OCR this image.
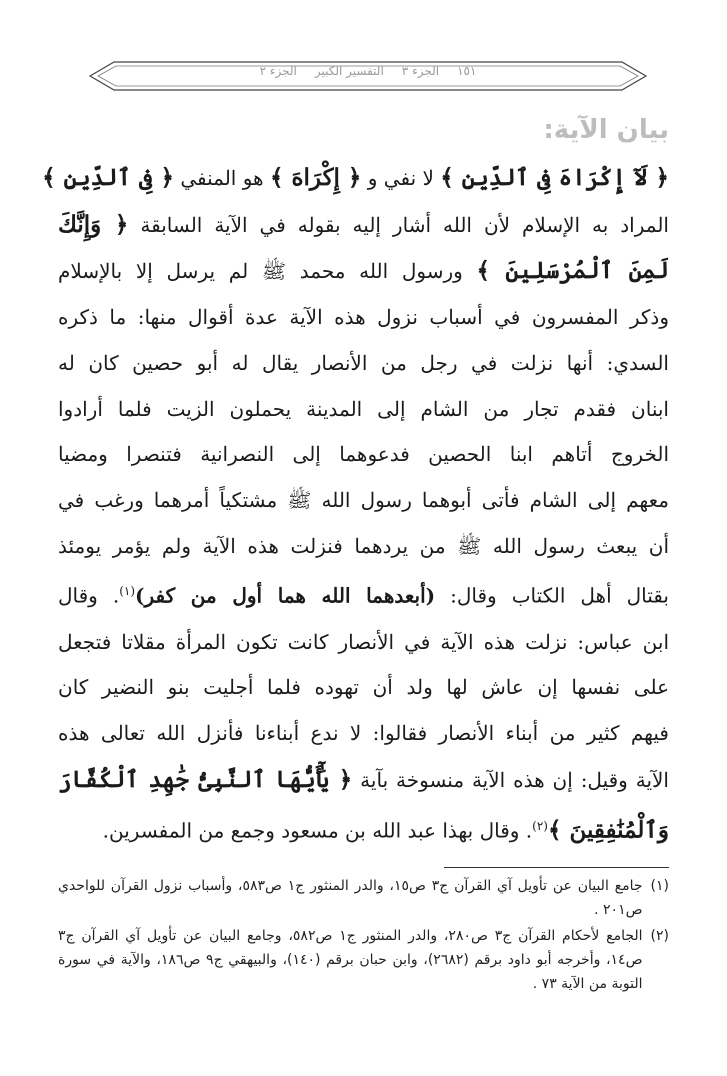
١٥١
الجزء ٣
التفسير الكبير
الجزء ٢
بيان الآية:
﴿ لَآ إِكْرَاهَ فِى ٱلدِّينِ ﴾ لا نفي و ﴿ إِكْرَاهَ ﴾ هو المنفي ﴿ فِى ٱلدِّينِ ﴾
المراد به الإسلام لأن الله أشار إليه بقوله في الآية السابقة ﴿ وَإِنَّكَ
لَمِنَ ٱلْمُرْسَلِينَ ﴾ ورسول الله محمد ﷺ لم يرسل إلا بالإسلام
وذكر المفسرون في أسباب نزول هذه الآية عدة أقوال منها: ما ذكره
السدي: أنها نزلت في رجل من الأنصار يقال له أبو حصين كان له
ابنان فقدم تجار من الشام إلى المدينة يحملون الزيت فلما أرادوا
الخروج أتاهم ابنا الحصين فدعوهما إلى النصرانية فتنصرا ومضيا
معهم إلى الشام فأتى أبوهما رسول الله ﷺ مشتكياً أمرهما ورغب في
أن يبعث رسول الله ﷺ من يردهما فنزلت هذه الآية ولم يؤمر يومئذ
بقتال أهل الكتاب وقال: (أبعدهما الله هما أول من كفر)$^{(١)}$. وقال
ابن عباس: نزلت هذه الآية في الأنصار كانت تكون المرأة مقلاتا فتجعل
على نفسها إن عاش لها ولد أن تهوده فلما أجليت بنو النضير كان
فيهم كثير من أبناء الأنصار فقالوا: لا ندع أبناءنا فأنزل الله تعالى هذه
الآية وقيل: إن هذه الآية منسوخة بآية ﴿ يَٰٓأَيُّهَا ٱلنَّبِىُّ جَٰهِدِ ٱلْكُفَّارَ
وَٱلْمُنَٰفِقِينَ ﴾$^{(٢)}$. وقال بهذا عبد الله بن مسعود وجمع من المفسرين.
(١)
جامع البيان عن تأويل آي القرآن ج٣ ص١٥، والدر المنثور ج١ ص٥٨٣، وأسباب نزول القرآن للواحدي ص٢٠١ .
(٢)
الجامع لأحكام القرآن ج٣ ص٢٨٠، والدر المنثور ج١ ص٥٨٢، وجامع البيان عن تأويل آي القرآن ج٣ ص١٤، وأخرجه أبو داود برقم (٢٦٨٢)، وابن حبان برقم (١٤٠)، والبيهقي ج٩ ص١٨٦، والآية في سورة التوبة من الآية ٧٣ .
